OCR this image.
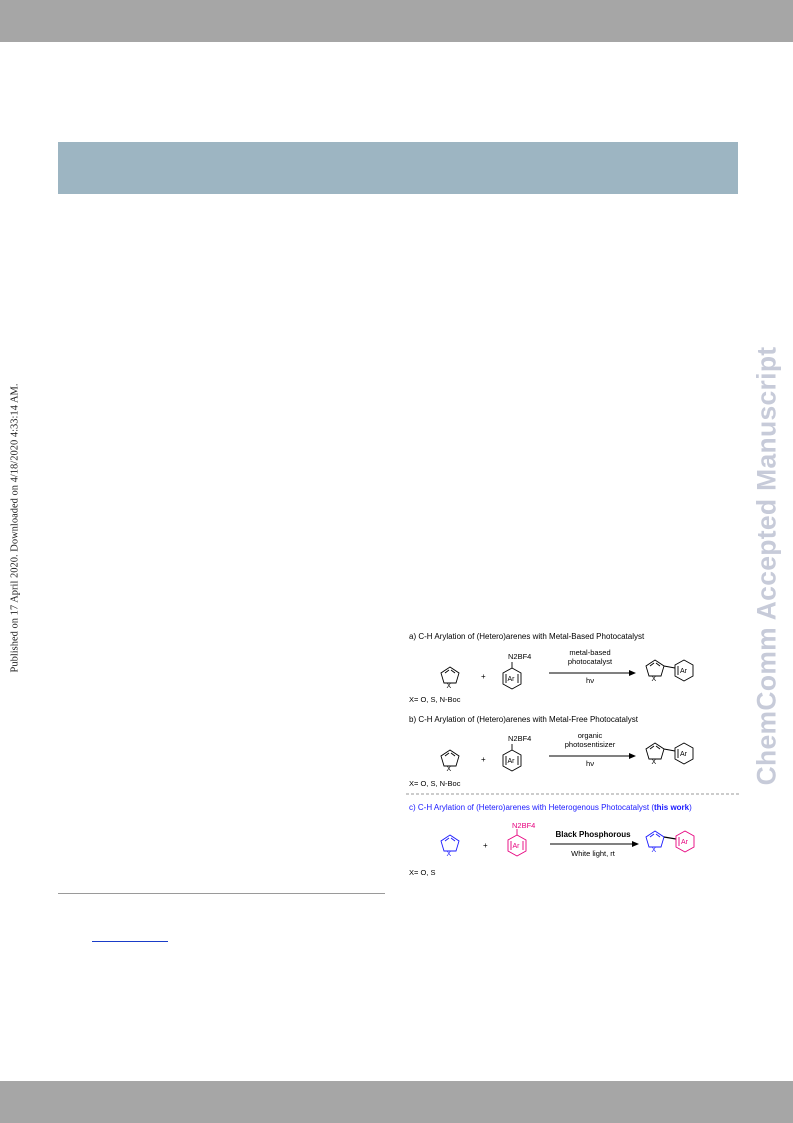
Published on 17 April 2020. Downloaded on 4/18/2020 4:33:14 AM.	ChemComm Accepted Manuscript
a) C-H Arylation of (Hetero)arenes with Metal-Based Photocatalyst
X
+
N2BF4
Ar
metal-based
photocatalyst
hν	X
Ar
X= O, S, N-Boc
b) C-H Arylation of (Hetero)arenes with Metal-Free Photocatalyst
X
+
N2BF4
Ar
organic
photosentisizer
hν	X
Ar
X= O, S, N-Boc
c) C-H Arylation of (Hetero)arenes with Heterogenous Photocatalyst (this work)
X
+
N2BF4
Ar
Black Phosphorous
White light, rt	X
Ar
X= O, S
